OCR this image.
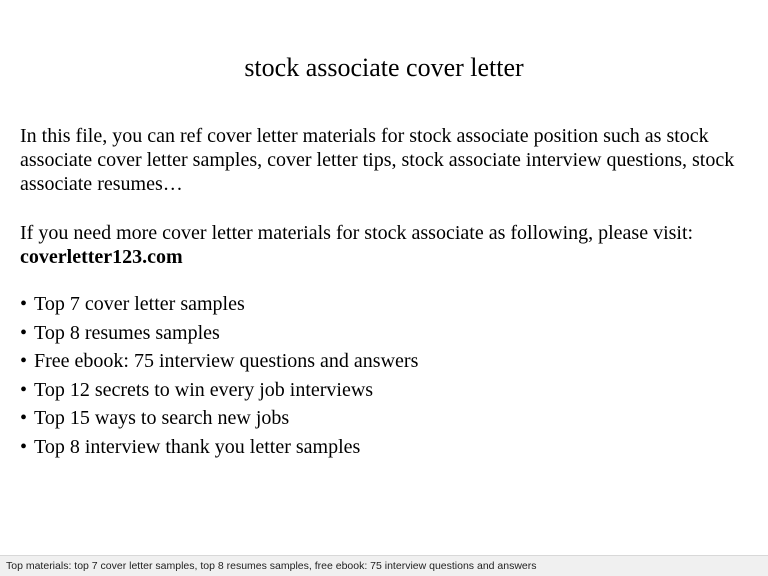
stock associate cover letter

In this file, you can ref cover letter materials for stock associate position such as stock associate cover letter samples, cover letter tips, stock associate interview questions, stock associate resumes…

If you need more cover letter materials for stock associate as following, please visit:
coverletter123.com

• Top 7 cover letter samples
• Top 8 resumes samples
• Free ebook: 75 interview questions and answers
• Top 12 secrets to win every job interviews
• Top 15 ways to search new jobs
• Top 8 interview thank you letter samples
Top materials: top 7 cover letter samples, top 8 resumes samples, free ebook: 75 interview questions and answers
